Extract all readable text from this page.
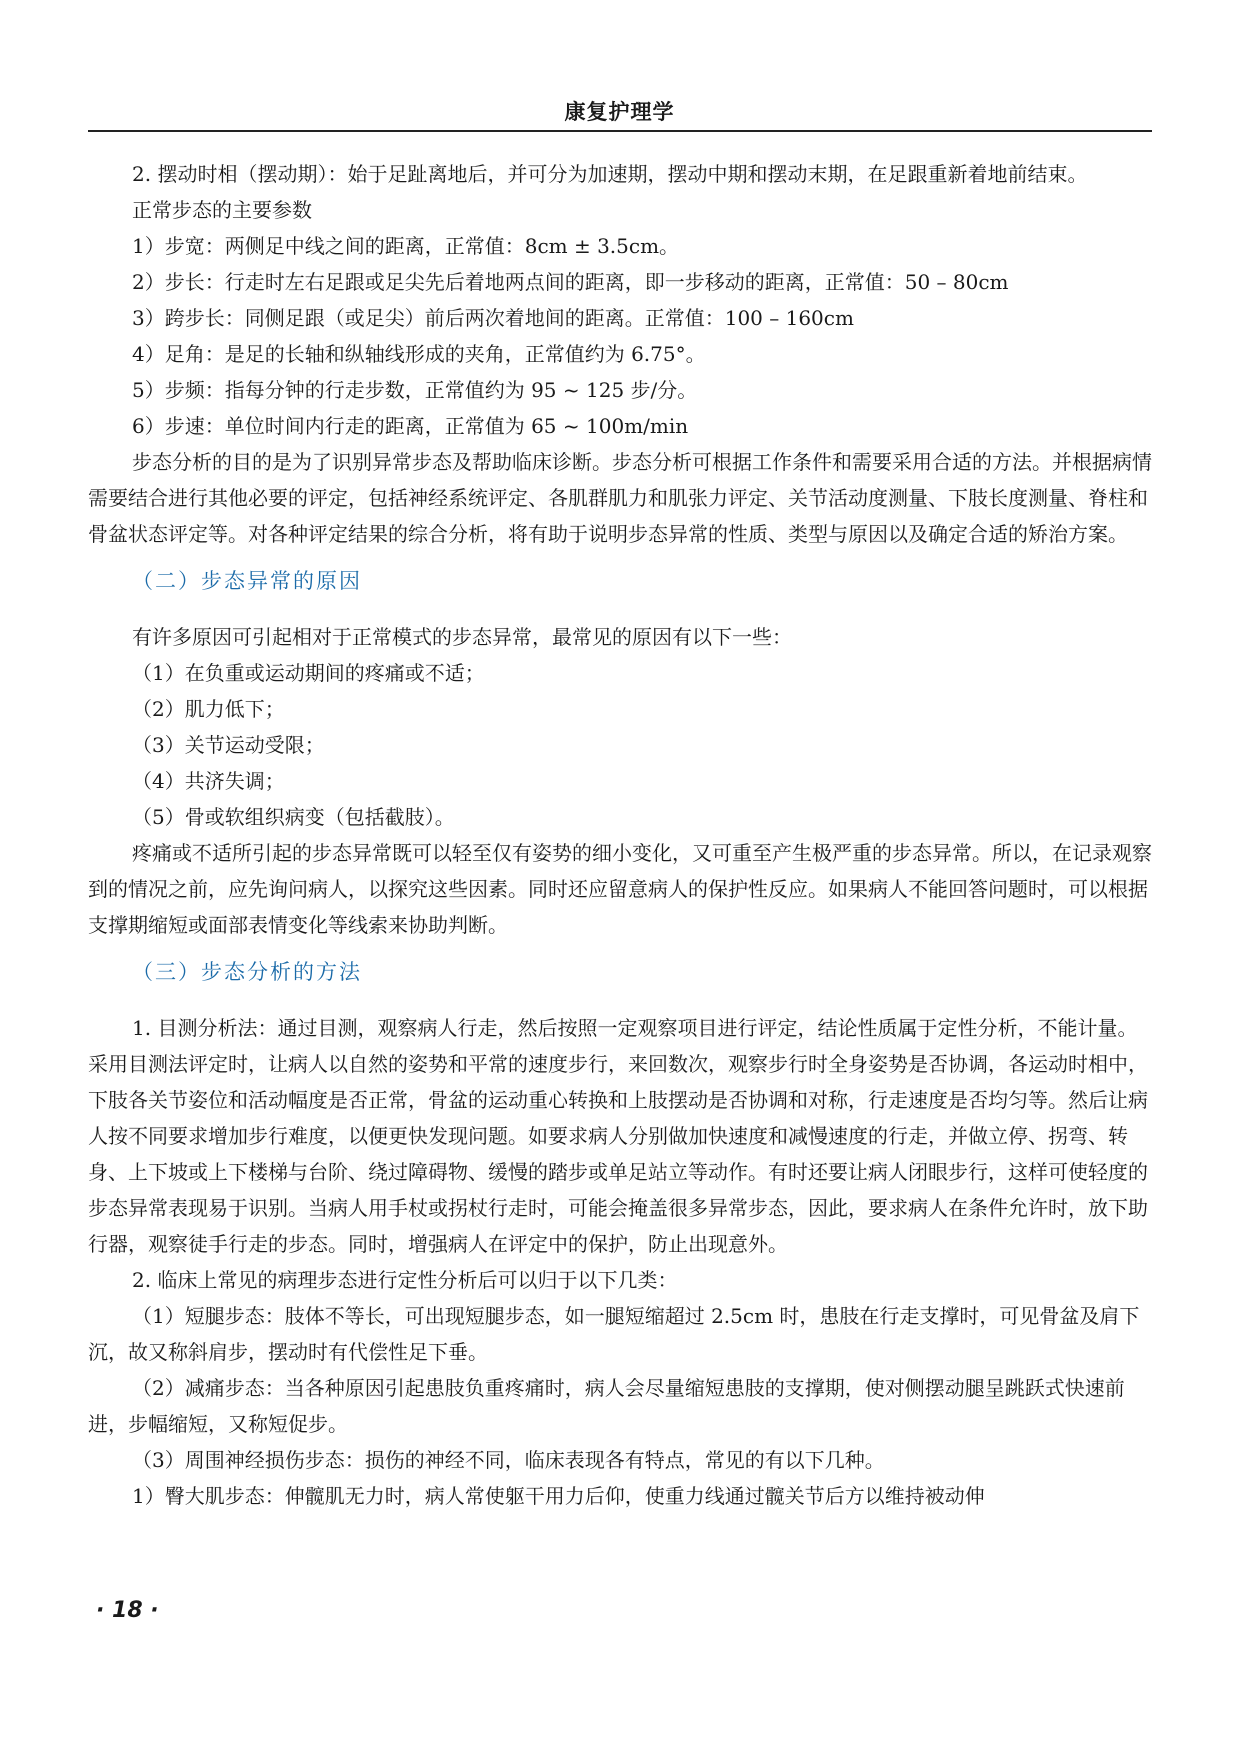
康复护理学

2. 摆动时相（摆动期）：始于足趾离地后，并可分为加速期，摆动中期和摆动末期，在足跟重新着地前结束。

正常步态的主要参数

1）步宽：两侧足中线之间的距离，正常值：8cm ± 3.5cm。

2）步长：行走时左右足跟或足尖先后着地两点间的距离，即一步移动的距离，正常值：50 – 80cm

3）跨步长：同侧足跟（或足尖）前后两次着地间的距离。正常值：100 – 160cm

4）足角：是足的长轴和纵轴线形成的夹角，正常值约为 6.75°。

5）步频：指每分钟的行走步数，正常值约为 95 ~ 125 步/分。

6）步速：单位时间内行走的距离，正常值为 65 ~ 100m/min

步态分析的目的是为了识别异常步态及帮助临床诊断。步态分析可根据工作条件和需要采用合适的方法。并根据病情需要结合进行其他必要的评定，包括神经系统评定、各肌群肌力和肌张力评定、关节活动度测量、下肢长度测量、脊柱和骨盆状态评定等。对各种评定结果的综合分析，将有助于说明步态异常的性质、类型与原因以及确定合适的矫治方案。

（二）步态异常的原因

有许多原因可引起相对于正常模式的步态异常，最常见的原因有以下一些：

（1）在负重或运动期间的疼痛或不适；

（2）肌力低下；

（3）关节运动受限；

（4）共济失调；

（5）骨或软组织病变（包括截肢）。

疼痛或不适所引起的步态异常既可以轻至仅有姿势的细小变化，又可重至产生极严重的步态异常。所以，在记录观察到的情况之前，应先询问病人，以探究这些因素。同时还应留意病人的保护性反应。如果病人不能回答问题时，可以根据支撑期缩短或面部表情变化等线索来协助判断。

（三）步态分析的方法

1. 目测分析法：通过目测，观察病人行走，然后按照一定观察项目进行评定，结论性质属于定性分析，不能计量。采用目测法评定时，让病人以自然的姿势和平常的速度步行，来回数次，观察步行时全身姿势是否协调，各运动时相中，下肢各关节姿位和活动幅度是否正常，骨盆的运动重心转换和上肢摆动是否协调和对称，行走速度是否均匀等。然后让病人按不同要求增加步行难度，以便更快发现问题。如要求病人分别做加快速度和减慢速度的行走，并做立停、拐弯、转身、上下坡或上下楼梯与台阶、绕过障碍物、缓慢的踏步或单足站立等动作。有时还要让病人闭眼步行，这样可使轻度的步态异常表现易于识别。当病人用手杖或拐杖行走时，可能会掩盖很多异常步态，因此，要求病人在条件允许时，放下助行器，观察徒手行走的步态。同时，增强病人在评定中的保护，防止出现意外。

2. 临床上常见的病理步态进行定性分析后可以归于以下几类：

（1）短腿步态：肢体不等长，可出现短腿步态，如一腿短缩超过 2.5cm 时，患肢在行走支撑时，可见骨盆及肩下沉，故又称斜肩步，摆动时有代偿性足下垂。

（2）减痛步态：当各种原因引起患肢负重疼痛时，病人会尽量缩短患肢的支撑期，使对侧摆动腿呈跳跃式快速前进，步幅缩短，又称短促步。

（3）周围神经损伤步态：损伤的神经不同，临床表现各有特点，常见的有以下几种。

1）臀大肌步态：伸髋肌无力时，病人常使躯干用力后仰，使重力线通过髋关节后方以维持被动伸

· 18 ·
